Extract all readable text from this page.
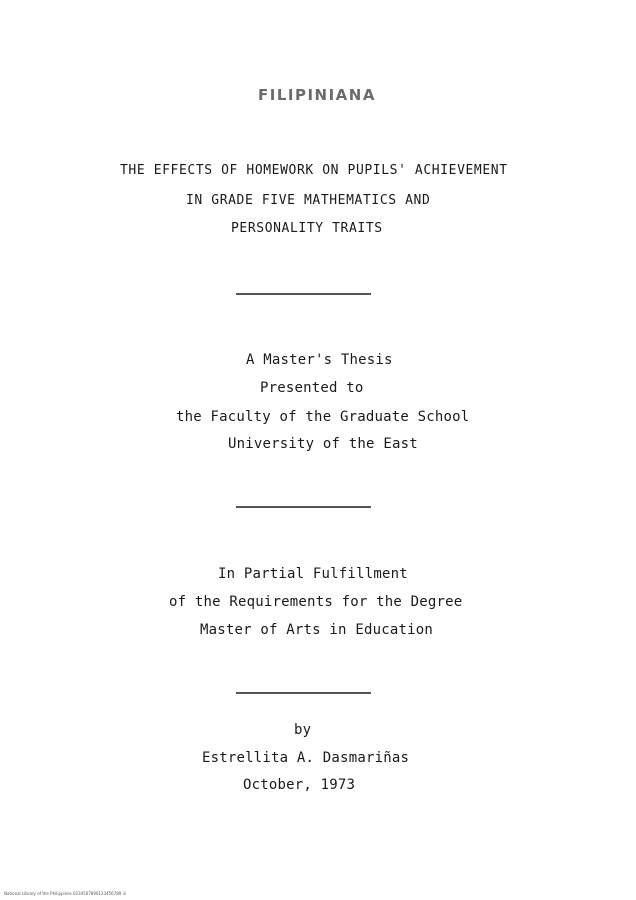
FILIPINIANA
THE EFFECTS OF HOMEWORK ON PUPILS' ACHIEVEMENT
IN GRADE FIVE MATHEMATICS AND
PERSONALITY TRAITS
A Master's Thesis
Presented to
the Faculty of the Graduate School
University of the East
In Partial Fulfillment
of the Requirements for the Degree
Master of Arts in Education
by
Estrellita A. Dasmariñas
October, 1973
National Library of the Philippines 0234567890123456789 iii
